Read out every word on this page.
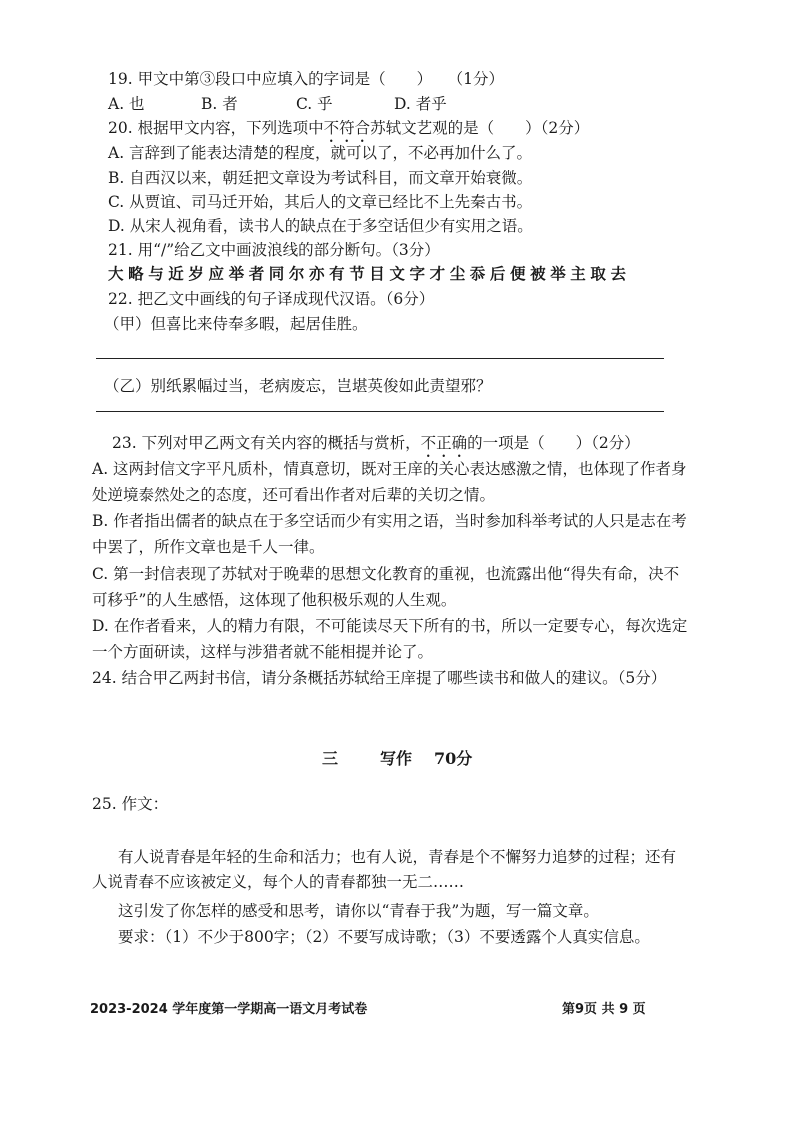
19. 甲文中第③段口中应填入的字词是（　　）　　（1分）
A. 也	B. 者	C. 乎	D. 者乎
20. 根据甲文内容，下列选项中不符合苏轼文艺观的是（　　）（2分）
A. 言辞到了能表达清楚的程度，就可以了，不必再加什么了。
B. 自西汉以来，朝廷把文章设为考试科目，而文章开始衰微。
C. 从贾谊、司马迁开始，其后人的文章已经比不上先秦古书。
D. 从宋人视角看，读书人的缺点在于多空话但少有实用之语。
21. 用“/”给乙文中画波浪线的部分断句。（3分）
大略与近岁应举者同尔亦有节目文字才尘忝后便被举主取去
22. 把乙文中画线的句子译成现代汉语。（6分）
（甲）但喜比来侍奉多暇，起居佳胜。
（乙）别纸累幅过当，老病废忘，岂堪英俊如此责望邪？
23. 下列对甲乙两文有关内容的概括与赏析，不正确的一项是（　　）（2分）
A. 这两封信文字平凡质朴，情真意切，既对王庠的关心表达感激之情，也体现了作者身
处逆境泰然处之的态度，还可看出作者对后辈的关切之情。
B. 作者指出儒者的缺点在于多空话而少有实用之语，当时参加科举考试的人只是志在考
中罢了，所作文章也是千人一律。
C. 第一封信表现了苏轼对于晚辈的思想文化教育的重视，也流露出他“得失有命，决不
可移乎”的人生感悟，这体现了他积极乐观的人生观。
D. 在作者看来，人的精力有限，不可能读尽天下所有的书，所以一定要专心，每次选定
一个方面研读，这样与涉猎者就不能相提并论了。
24. 结合甲乙两封书信，请分条概括苏轼给王庠提了哪些读书和做人的建议。（5分）
三	写作 70分
25. 作文：
有人说青春是年轻的生命和活力；也有人说，青春是个不懈努力追梦的过程；还有
人说青春不应该被定义，每个人的青春都独一无二……
这引发了你怎样的感受和思考，请你以“青春于我”为题，写一篇文章。
要求：（1）不少于800字；（2）不要写成诗歌；（3）不要透露个人真实信息。
2023-2024 学年度第一学期高一语文月考试卷	第9页 共 9 页
